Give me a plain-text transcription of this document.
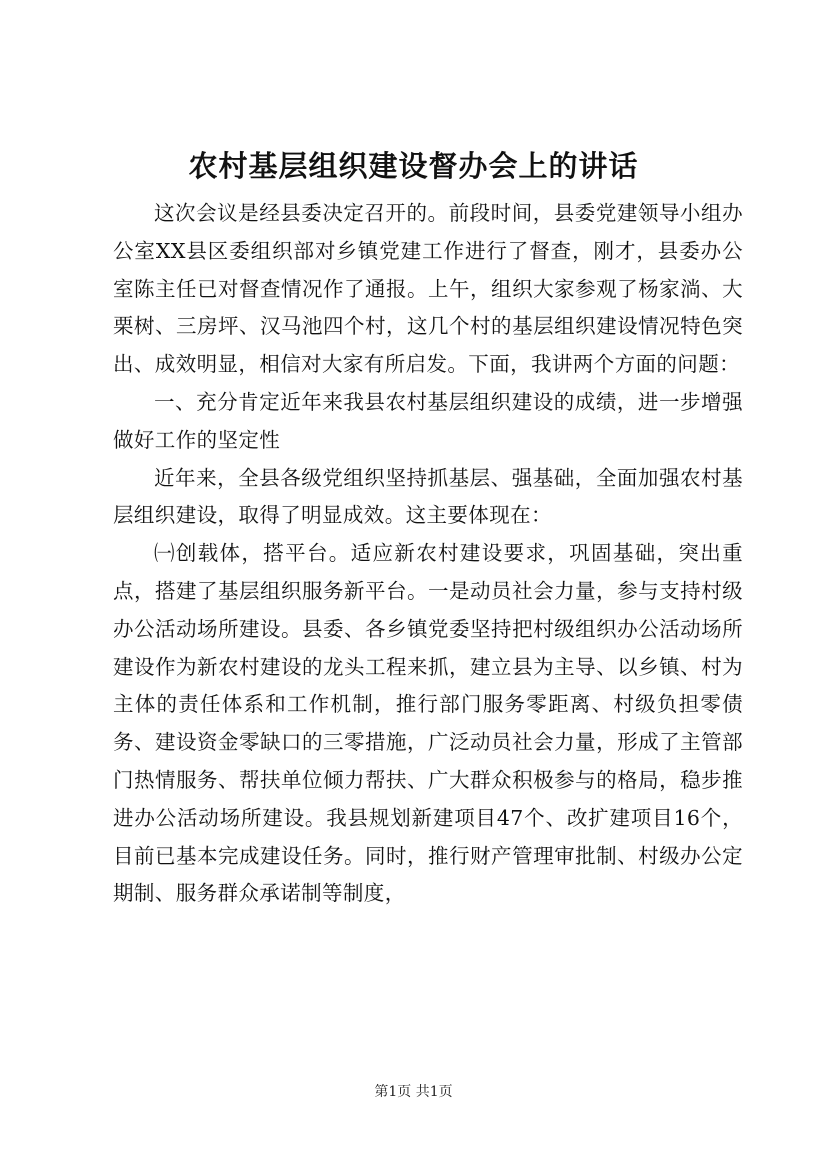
农村基层组织建设督办会上的讲话

这次会议是经县委决定召开的。前段时间，县委党建领导小组办公室XX县区委组织部对乡镇党建工作进行了督查，刚才，县委办公室陈主任已对督查情况作了通报。上午，组织大家参观了杨家淌、大栗树、三房坪、汉马池四个村，这几个村的基层组织建设情况特色突出、成效明显，相信对大家有所启发。下面，我讲两个方面的问题：

一、充分肯定近年来我县农村基层组织建设的成绩，进一步增强做好工作的坚定性

近年来，全县各级党组织坚持抓基层、强基础，全面加强农村基层组织建设，取得了明显成效。这主要体现在：

㈠创载体，搭平台。适应新农村建设要求，巩固基础，突出重点，搭建了基层组织服务新平台。一是动员社会力量，参与支持村级办公活动场所建设。县委、各乡镇党委坚持把村级组织办公活动场所建设作为新农村建设的龙头工程来抓，建立县为主导、以乡镇、村为主体的责任体系和工作机制，推行部门服务零距离、村级负担零债务、建设资金零缺口的三零措施，广泛动员社会力量，形成了主管部门热情服务、帮扶单位倾力帮扶、广大群众积极参与的格局，稳步推进办公活动场所建设。我县规划新建项目47个、改扩建项目16个，目前已基本完成建设任务。同时，推行财产管理审批制、村级办公定期制、服务群众承诺制等制度，

第1页 共1页
